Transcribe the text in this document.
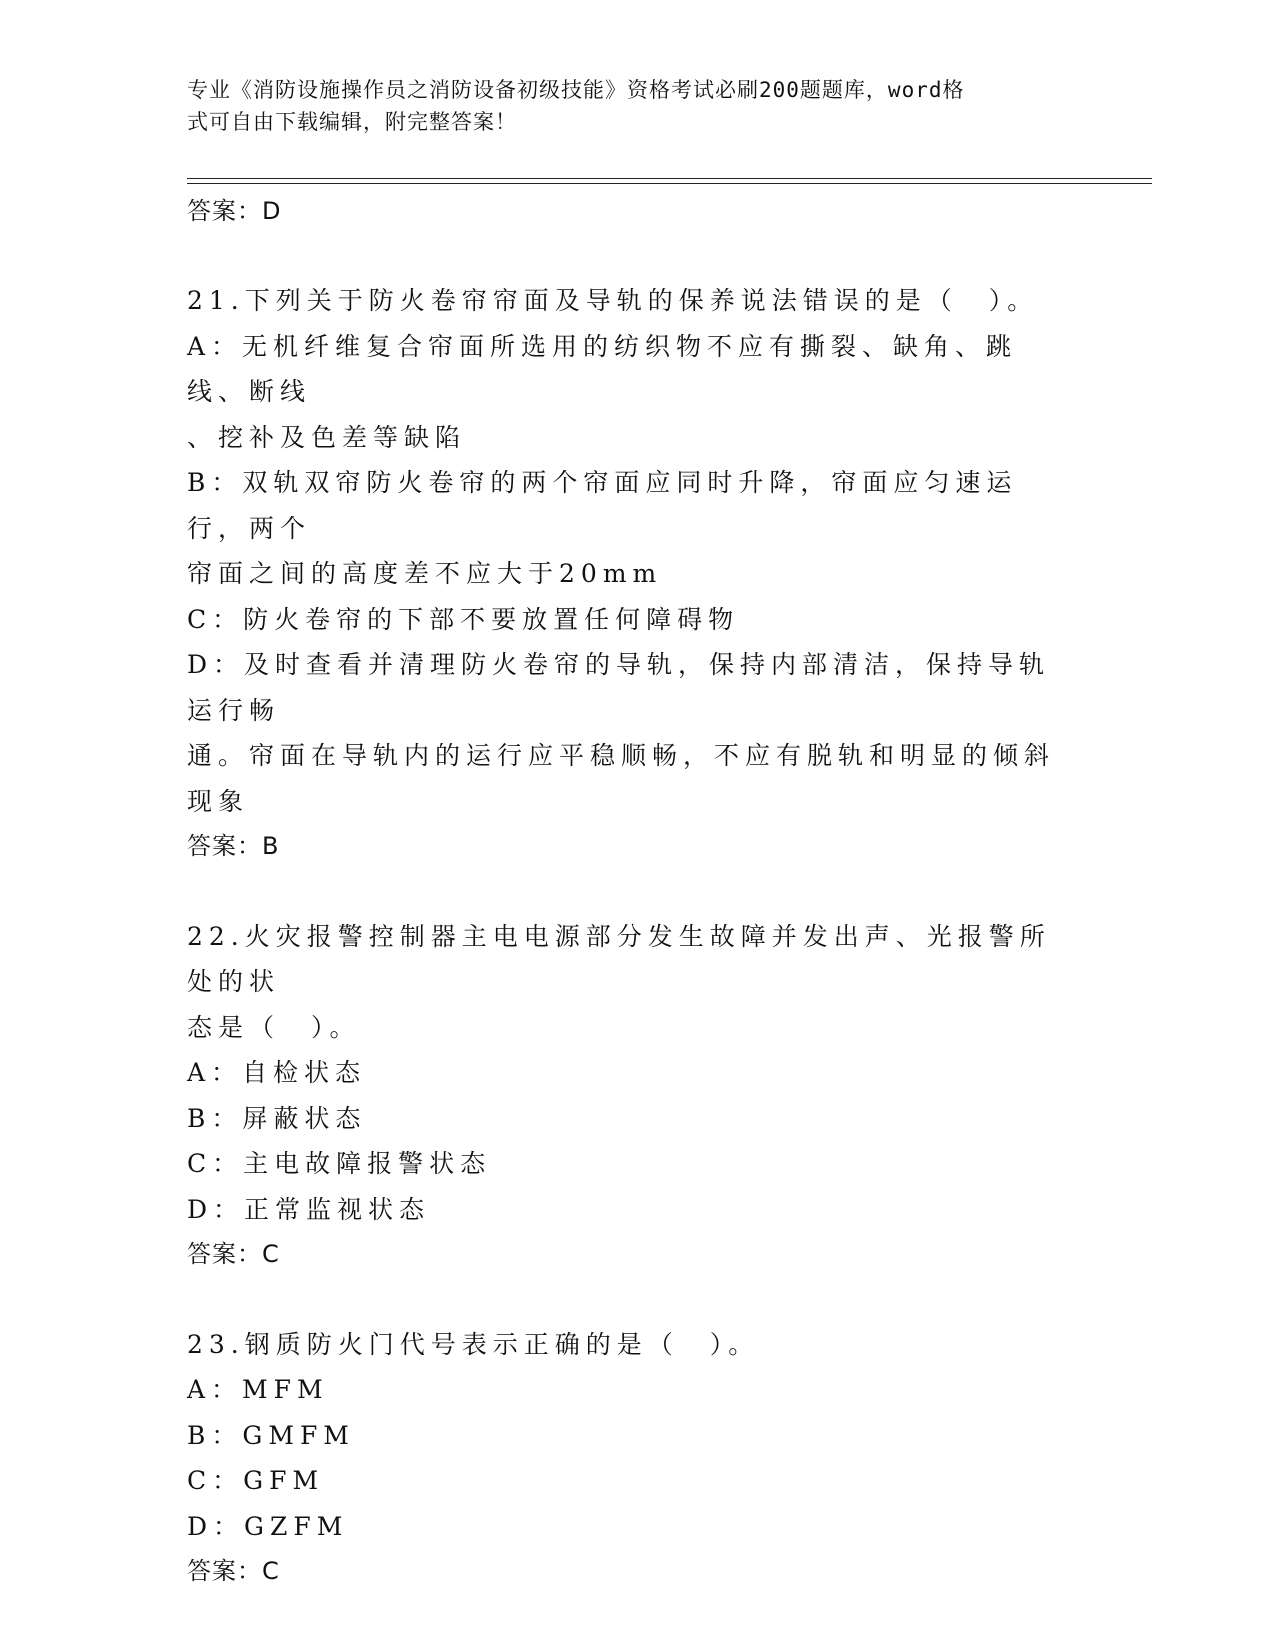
专业《消防设施操作员之消防设备初级技能》资格考试必刷200题题库，word格
式可自由下载编辑，附完整答案！
答案：D
21.下列关于防火卷帘帘面及导轨的保养说法错误的是（　）。
A：无机纤维复合帘面所选用的纺织物不应有撕裂、缺角、跳线、断线
、挖补及色差等缺陷
B：双轨双帘防火卷帘的两个帘面应同时升降，帘面应匀速运行，两个
帘面之间的高度差不应大于20mm
C：防火卷帘的下部不要放置任何障碍物
D：及时查看并清理防火卷帘的导轨，保持内部清洁，保持导轨运行畅
通。帘面在导轨内的运行应平稳顺畅，不应有脱轨和明显的倾斜现象
答案：B
22.火灾报警控制器主电电源部分发生故障并发出声、光报警所处的状
态是（　）。
A：自检状态
B：屏蔽状态
C：主电故障报警状态
D：正常监视状态
答案：C
23.钢质防火门代号表示正确的是（　）。
A：MFM
B：GMFM
C：GFM
D：GZFM
答案：C
